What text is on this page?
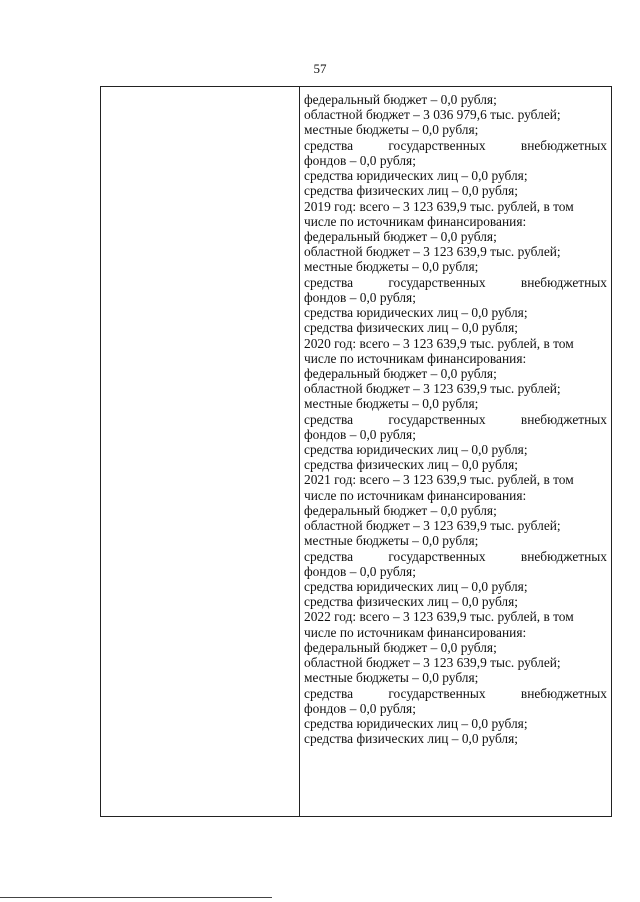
57
федеральный бюджет – 0,0 рубля;
областной бюджет – 3 036 979,6 тыс. рублей;
местные бюджеты – 0,0 рубля;
средства	государственных	внебюджетных
фондов – 0,0 рубля;
средства юридических лиц – 0,0 рубля;
средства физических лиц – 0,0 рубля;
2019 год: всего – 3 123 639,9 тыс. рублей, в том
числе по источникам финансирования:
федеральный бюджет – 0,0 рубля;
областной бюджет – 3 123 639,9 тыс. рублей;
местные бюджеты – 0,0 рубля;
средства	государственных	внебюджетных
фондов – 0,0 рубля;
средства юридических лиц – 0,0 рубля;
средства физических лиц – 0,0 рубля;
2020 год: всего – 3 123 639,9 тыс. рублей, в том
числе по источникам финансирования:
федеральный бюджет – 0,0 рубля;
областной бюджет – 3 123 639,9 тыс. рублей;
местные бюджеты – 0,0 рубля;
средства	государственных	внебюджетных
фондов – 0,0 рубля;
средства юридических лиц – 0,0 рубля;
средства физических лиц – 0,0 рубля;
2021 год: всего – 3 123 639,9 тыс. рублей, в том
числе по источникам финансирования:
федеральный бюджет – 0,0 рубля;
областной бюджет – 3 123 639,9 тыс. рублей;
местные бюджеты – 0,0 рубля;
средства	государственных	внебюджетных
фондов – 0,0 рубля;
средства юридических лиц – 0,0 рубля;
средства физических лиц – 0,0 рубля;
2022 год: всего – 3 123 639,9 тыс. рублей, в том
числе по источникам финансирования:
федеральный бюджет – 0,0 рубля;
областной бюджет – 3 123 639,9 тыс. рублей;
местные бюджеты – 0,0 рубля;
средства	государственных	внебюджетных
фондов – 0,0 рубля;
средства юридических лиц – 0,0 рубля;
средства физических лиц – 0,0 рубля;
